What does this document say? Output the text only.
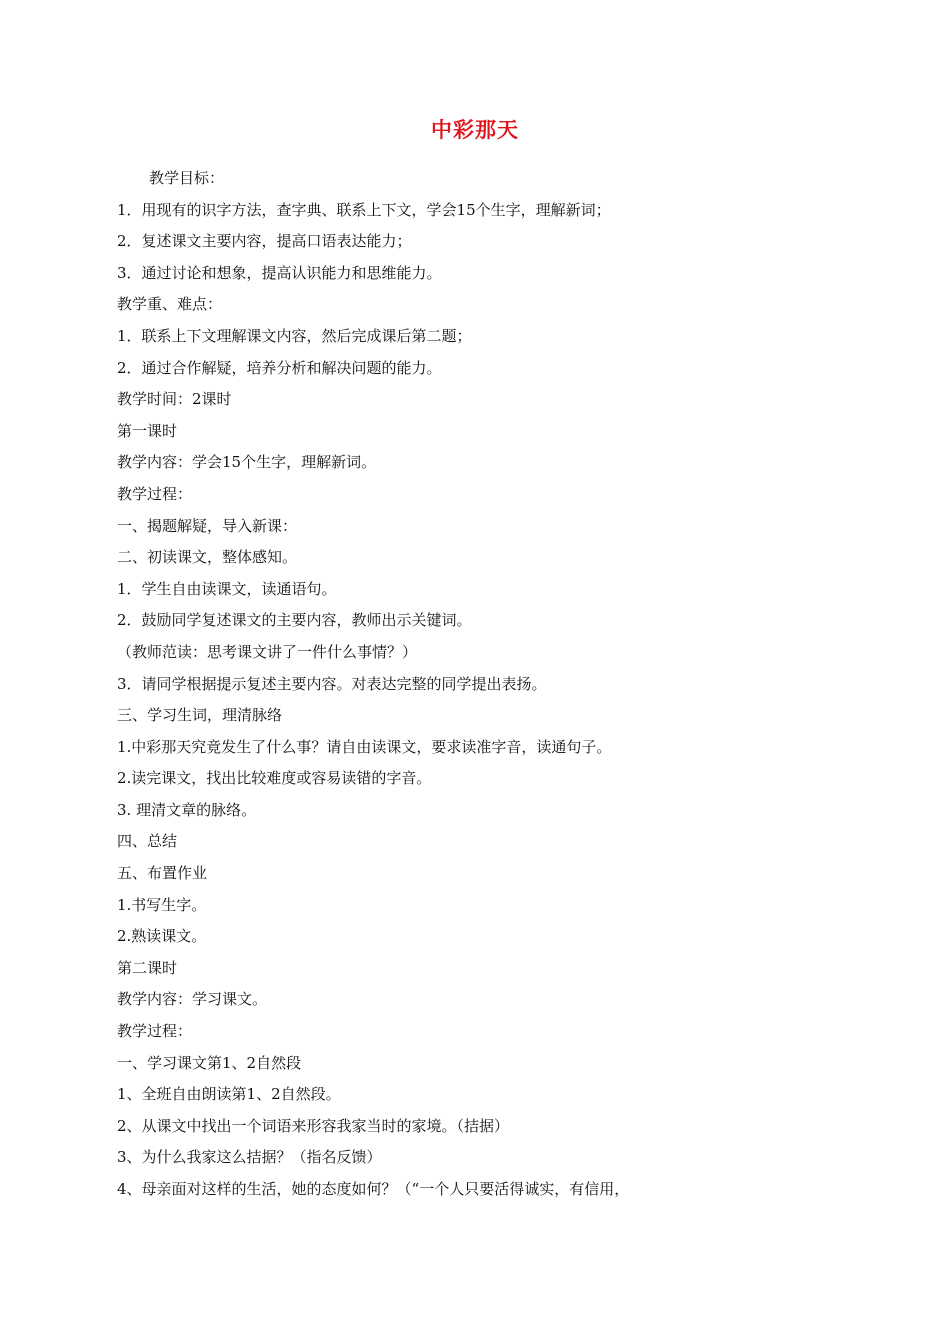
中彩那天
教学目标：
1．用现有的识字方法，查字典、联系上下文，学会15个生字，理解新词；
2．复述课文主要内容，提高口语表达能力；
3．通过讨论和想象，提高认识能力和思维能力。
教学重、难点：
1．联系上下文理解课文内容，然后完成课后第二题；
2．通过合作解疑，培养分析和解决问题的能力。
教学时间：2课时
第一课时
教学内容：学会15个生字，理解新词。
教学过程：
一、揭题解疑，导入新课：
二、初读课文，整体感知。
1．学生自由读课文，读通语句。
2．鼓励同学复述课文的主要内容，教师出示关键词。
（教师范读：思考课文讲了一件什么事情？）
3．请同学根据提示复述主要内容。对表达完整的同学提出表扬。
三、学习生词，理清脉络
1.中彩那天究竟发生了什么事？请自由读课文，要求读准字音，读通句子。
2.读完课文，找出比较难度或容易读错的字音。
3. 理清文章的脉络。
四、总结
五、布置作业
1.书写生字。
2.熟读课文。
第二课时
教学内容：学习课文。
教学过程：
一、学习课文第1、2自然段
1、全班自由朗读第1、2自然段。
2、从课文中找出一个词语来形容我家当时的家境。（拮据）
3、为什么我家这么拮据？（指名反馈）
4、母亲面对这样的生活，她的态度如何？（“一个人只要活得诚实，有信用，
